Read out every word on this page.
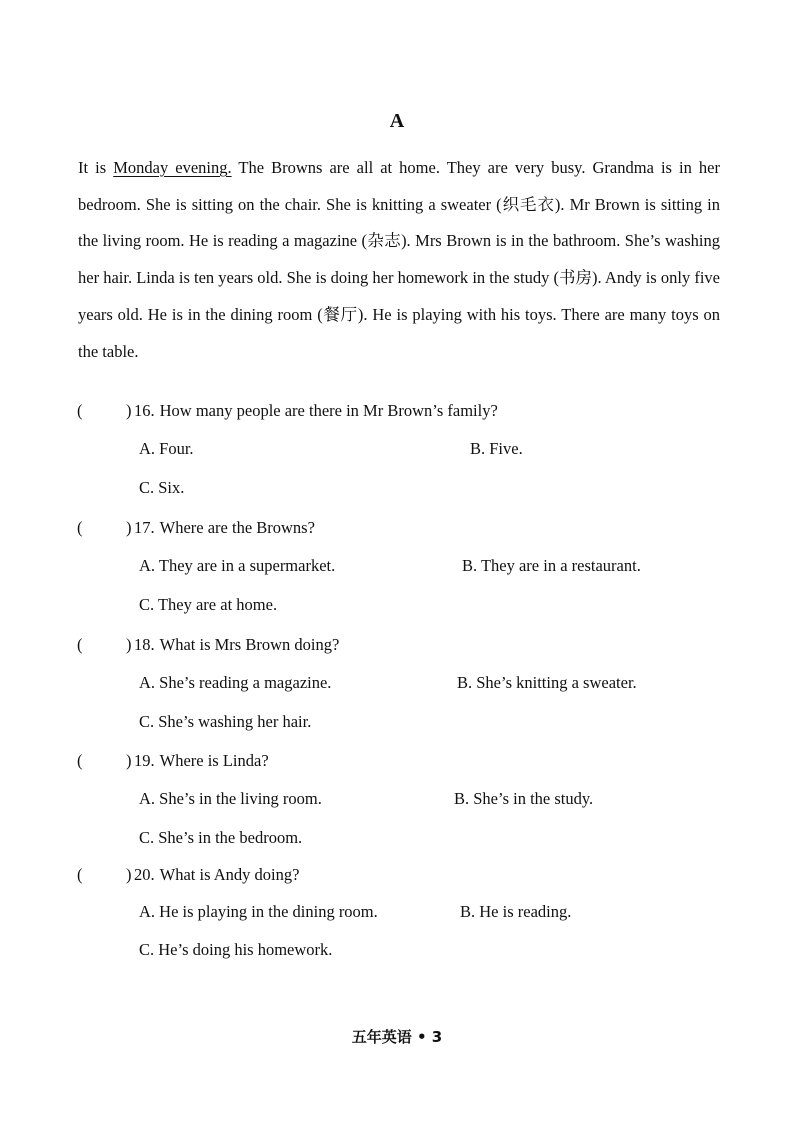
A
It is Monday evening. The Browns are all at home. They are very busy. Grandma is in her bedroom. She is sitting on the chair. She is knitting a sweater (织毛衣). Mr Brown is sitting in the living room. He is reading a magazine (杂志). Mrs Brown is in the bathroom. She’s washing her hair. Linda is ten years old. She is doing her homework in the study (书房). Andy is only five years old. He is in the dining room (餐厅). He is playing with his toys. There are many toys on the table.
(	) 16. How many people are there in Mr Brown’s family?
A. Four.	B. Five.
C. Six.
(	) 17. Where are the Browns?
A. They are in a supermarket.	B. They are in a restaurant.
C. They are at home.
(	) 18. What is Mrs Brown doing?
A. She’s reading a magazine.	B. She’s knitting a sweater.
C. She’s washing her hair.
(	) 19. Where is Linda?
A. She’s in the living room.	B. She’s in the study.
C. She’s in the bedroom.
(	) 20. What is Andy doing?
A. He is playing in the dining room.	B. He is reading.
C. He’s doing his homework.
五年英语 • 3
